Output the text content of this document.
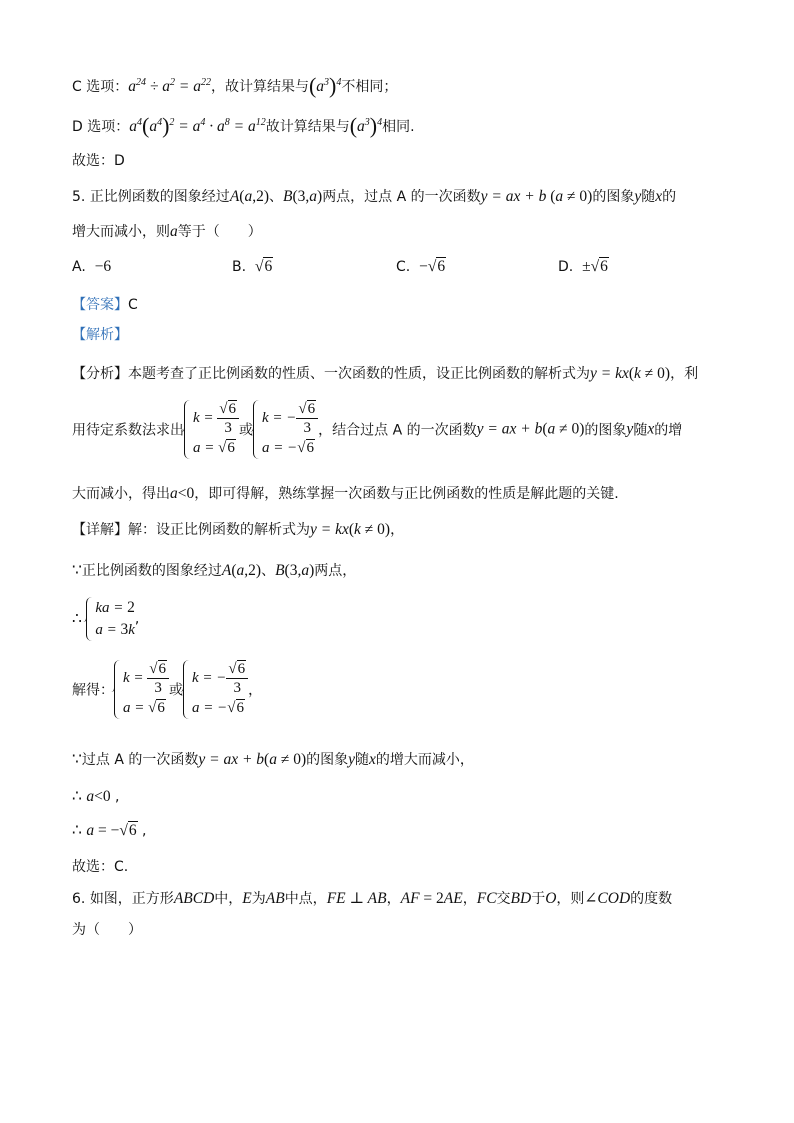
C 选项：$a^{24} \div a^2 = a^{22}$，故计算结果与$(a^3)^4$不相同；
D 选项：$a^4(a^4)^2 = a^4 \cdot a^8 = a^{12}$故计算结果与$(a^3)^4$相同.
故选：D
5. 正比例函数的图象经过A(a,2)、B(3,a)两点，过点 A 的一次函数y = ax + b (a ≠ 0)的图象y随x的
增大而减小，则a等于（　　）
A. −6	B. √6	C. −√6	D. ±√6
【答案】C
【解析】
【分析】本题考查了正比例函数的性质、一次函数的性质，设正比例函数的解析式为y = kx(k ≠ 0)，利
用待定系数法求出
$k = \frac{√6}{3}$
a = √6
或
k = − $\frac{√6}{3}$
a = −√6
，结合过点 A 的一次函数y = ax + b(a ≠ 0)的图象y随x的增
大而减小，得出a<0，即可得解，熟练掌握一次函数与正比例函数的性质是解此题的关键.
【详解】解：设正比例函数的解析式为y = kx(k ≠ 0)，
∵正比例函数的图象经过A(a,2)、B(3,a)两点，
∴
ka = 2
a = 3k
,
解得：
$k = \frac{√6}{3}$
a = √6
或
k = − $\frac{√6}{3}$
a = −√6
，
∵过点 A 的一次函数y = ax + b(a ≠ 0)的图象y随x的增大而减小，
∴ a<0 ,
∴ a = −√6 ,
故选：C.
6. 如图，正方形ABCD中，E为AB中点，FE ⊥ AB，AF = 2AE，FC交BD于O，则∠COD的度数
为（　　）
